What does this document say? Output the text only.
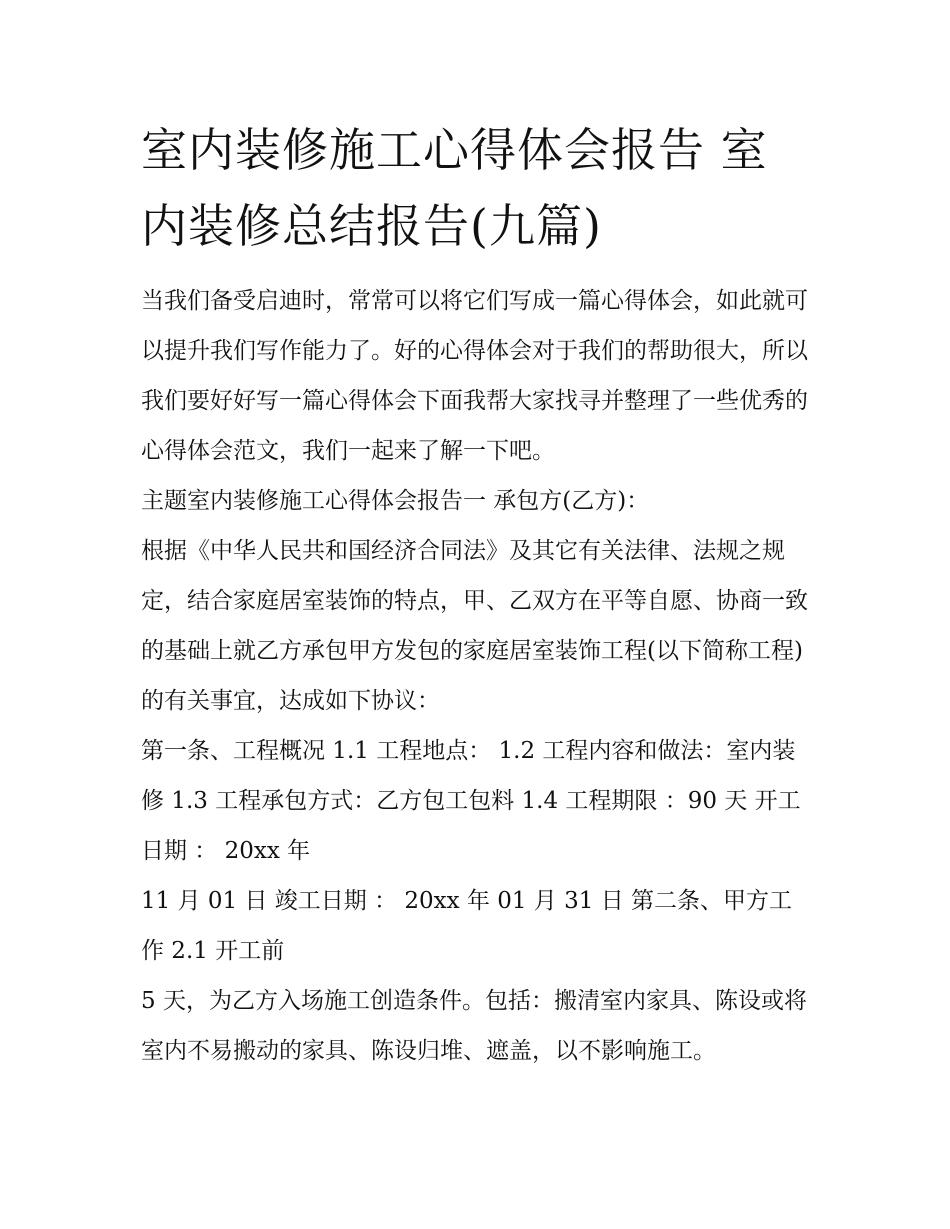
室内装修施工心得体会报告 室内装修总结报告(九篇)

当我们备受启迪时，常常可以将它们写成一篇心得体会，如此就可以提升我们写作能力了。好的心得体会对于我们的帮助很大，所以我们要好好写一篇心得体会下面我帮大家找寻并整理了一些优秀的心得体会范文，我们一起来了解一下吧。

主题室内装修施工心得体会报告一 承包方(乙方)：

根据《中华人民共和国经济合同法》及其它有关法律、法规之规定，结合家庭居室装饰的特点，甲、乙双方在平等自愿、协商一致的基础上就乙方承包甲方发包的家庭居室装饰工程(以下简称工程)的有关事宜，达成如下协议：

第一条、工程概况 1.1 工程地点： 1.2 工程内容和做法：室内装修 1.3 工程承包方式：乙方包工包料 1.4 工程期限 ：90 天 开工日期 ： 20xx 年

11 月 01 日 竣工日期 ： 20xx 年 01 月 31 日 第二条、甲方工作 2.1 开工前

5 天，为乙方入场施工创造条件。包括：搬清室内家具、陈设或将室内不易搬动的家具、陈设归堆、遮盖，以不影响施工。
